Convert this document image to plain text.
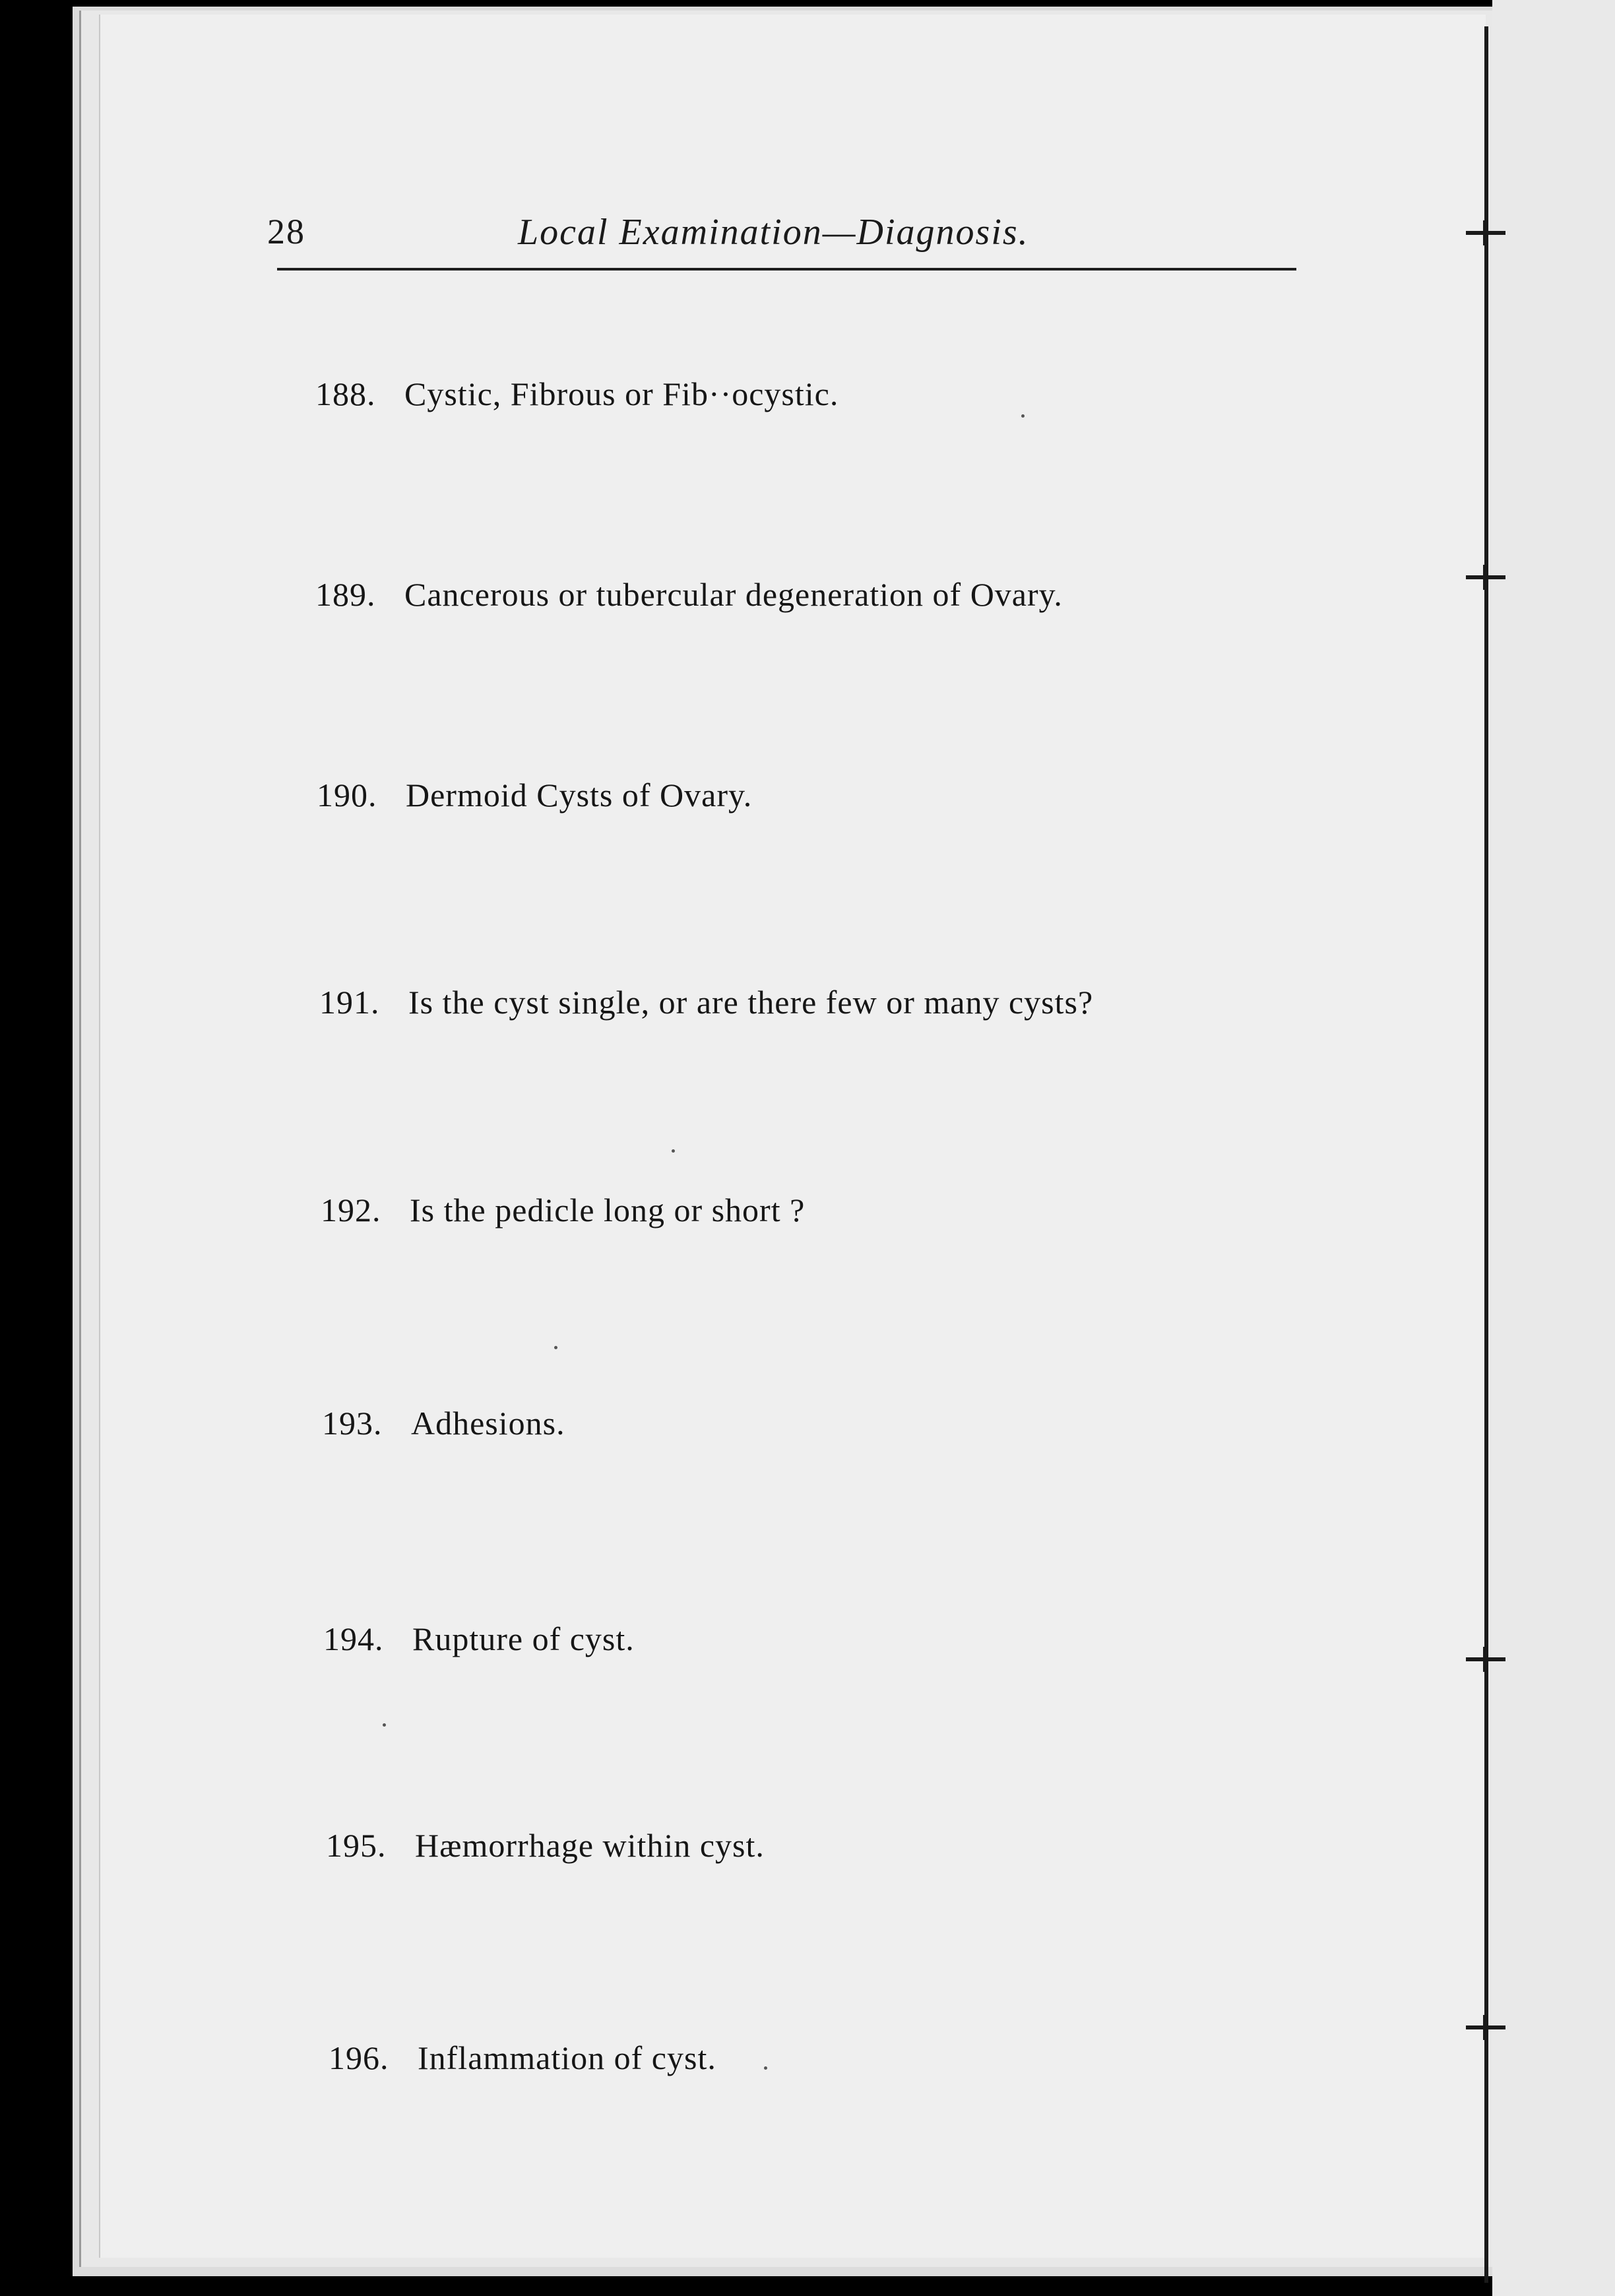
28	Local Examination—Diagnosis.
188. Cystic, Fibrous or Fib··ocystic.
189. Cancerous or tubercular degeneration of Ovary.
190. Dermoid Cysts of Ovary.
191. Is the cyst single, or are there few or many cysts?
192. Is the pedicle long or short ?
193. Adhesions.
194. Rupture of cyst.
195. Hæmorrhage within cyst.
196. Inflammation of cyst.
